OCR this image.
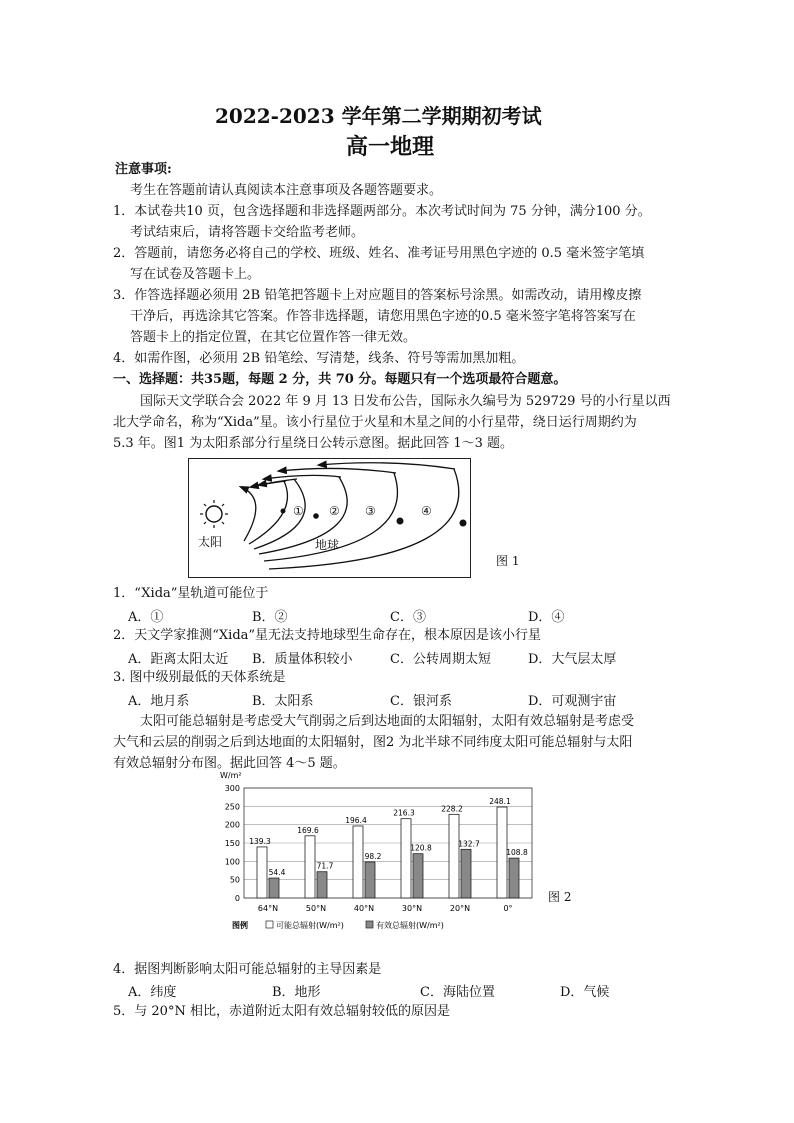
2022-2023 学年第二学期期初考试
高一地理
注意事项:
考生在答题前请认真阅读本注意事项及各题答题要求。
1．本试卷共10 页，包含选择题和非选择题两部分。本次考试时间为 75 分钟，满分100 分。
考试结束后，请将答题卡交给监考老师。
2．答题前，请您务必将自己的学校、班级、姓名、准考证号用黑色字迹的 0.5 毫米签字笔填
写在试卷及答题卡上。
3．作答选择题必须用 2B 铅笔把答题卡上对应题目的答案标号涂黑。如需改动，请用橡皮擦
干净后，再选涂其它答案。作答非选择题，请您用黑色字迹的0.5 毫米签字笔将答案写在
答题卡上的指定位置，在其它位置作答一律无效。
4．如需作图，必须用 2B 铅笔绘、写清楚，线条、符号等需加黑加粗。
一、选择题：共35题，每题 2 分，共 70 分。每题只有一个选项最符合题意。
国际天文学联合会 2022 年 9 月 13 日发布公告，国际永久编号为 529729 号的小行星以西
北大学命名，称为“Xida”星。该小行星位于火星和木星之间的小行星带，绕日运行周期约为
5.3 年。图1 为太阳系部分行星绕日公转示意图。据此回答 1～3 题。
太阳	地球
① ② ③	④
图 1
1．“Xida”星轨道可能位于
A．①	B．②	C．③	D．④
2．天文学家推测“Xida”星无法支持地球型生命存在，根本原因是该小行星
A．距离太阳太近 B．质量体积较小	C．公转周期太短	D．大气层太厚
3. 图中级别最低的天体系统是
A．地月系	B．太阳系	C．银河系	D．可观测宇宙
太阳可能总辐射是考虑受大气削弱之后到达地面的太阳辐射，太阳有效总辐射是考虑受
大气和云层的削弱之后到达地面的太阳辐射，图2 为北半球不同纬度太阳可能总辐射与太阳
有效总辐射分布图。据此回答 4～5 题。
W/m²
0
50
100
150
200
250
300
139.3
54.4
64°N
169.6
71.7
50°N
196.4
98.2
40°N
216.3
120.8
30°N
228.2
132.7
20°N
248.1
108.8
0°
图例	可能总辐射(W/m²)	有效总辐射(W/m²)
图 2
4．据图判断影响太阳可能总辐射的主导因素是
A．纬度	B．地形	C．海陆位置	D．气候
5．与 20°N 相比，赤道附近太阳有效总辐射较低的原因是
